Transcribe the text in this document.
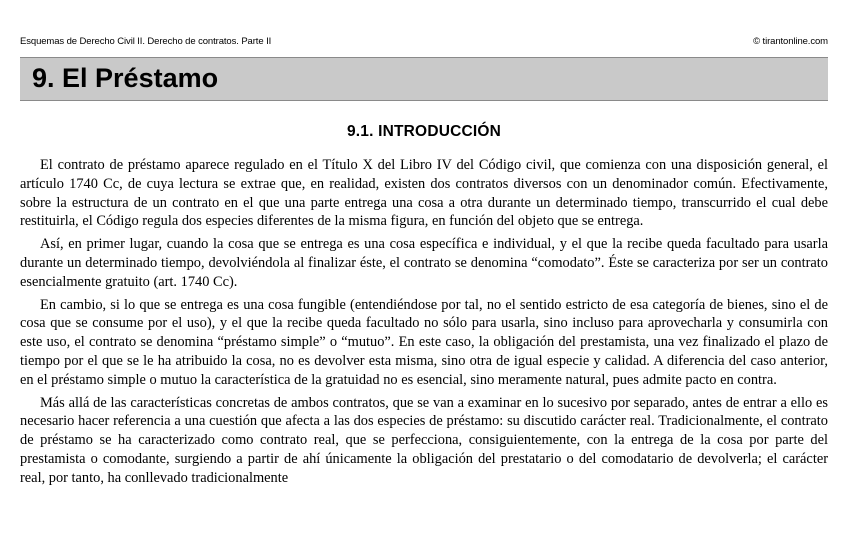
Esquemas de Derecho Civil II. Derecho de contratos. Parte II	© tirantonline.com
9. El Préstamo
9.1. INTRODUCCIÓN

El contrato de préstamo aparece regulado en el Título X del Libro IV del Código civil, que comienza con una disposición general, el artículo 1740 Cc, de cuya lectura se extrae que, en realidad, existen dos contratos diversos con un denominador común. Efectivamente, sobre la estructura de un contrato en el que una parte entrega una cosa a otra durante un determinado tiempo, transcurrido el cual debe restituirla, el Código regula dos especies diferentes de la misma figura, en función del objeto que se entrega.

Así, en primer lugar, cuando la cosa que se entrega es una cosa específica e individual, y el que la recibe queda facultado para usarla durante un determinado tiempo, devolviéndola al finalizar éste, el contrato se denomina “comodato”. Éste se caracteriza por ser un contrato esencialmente gratuito (art. 1740 Cc).

En cambio, si lo que se entrega es una cosa fungible (entendiéndose por tal, no el sentido estricto de esa categoría de bienes, sino el de cosa que se consume por el uso), y el que la recibe queda facultado no sólo para usarla, sino incluso para aprovecharla y consumirla con este uso, el contrato se denomina “préstamo simple” o “mutuo”. En este caso, la obligación del prestamista, una vez finalizado el plazo de tiempo por el que se le ha atribuido la cosa, no es devolver esta misma, sino otra de igual especie y calidad. A diferencia del caso anterior, en el préstamo simple o mutuo la característica de la gratuidad no es esencial, sino meramente natural, pues admite pacto en contra.

Más allá de las características concretas de ambos contratos, que se van a examinar en lo sucesivo por separado, antes de entrar a ello es necesario hacer referencia a una cuestión que afecta a las dos especies de préstamo: su discutido carácter real. Tradicionalmente, el contrato de préstamo se ha caracterizado como contrato real, que se perfecciona, consiguientemente, con la entrega de la cosa por parte del prestamista o comodante, surgiendo a partir de ahí únicamente la obligación del prestatario o del comodatario de devolverla; el carácter real, por tanto, ha conllevado tradicionalmente
